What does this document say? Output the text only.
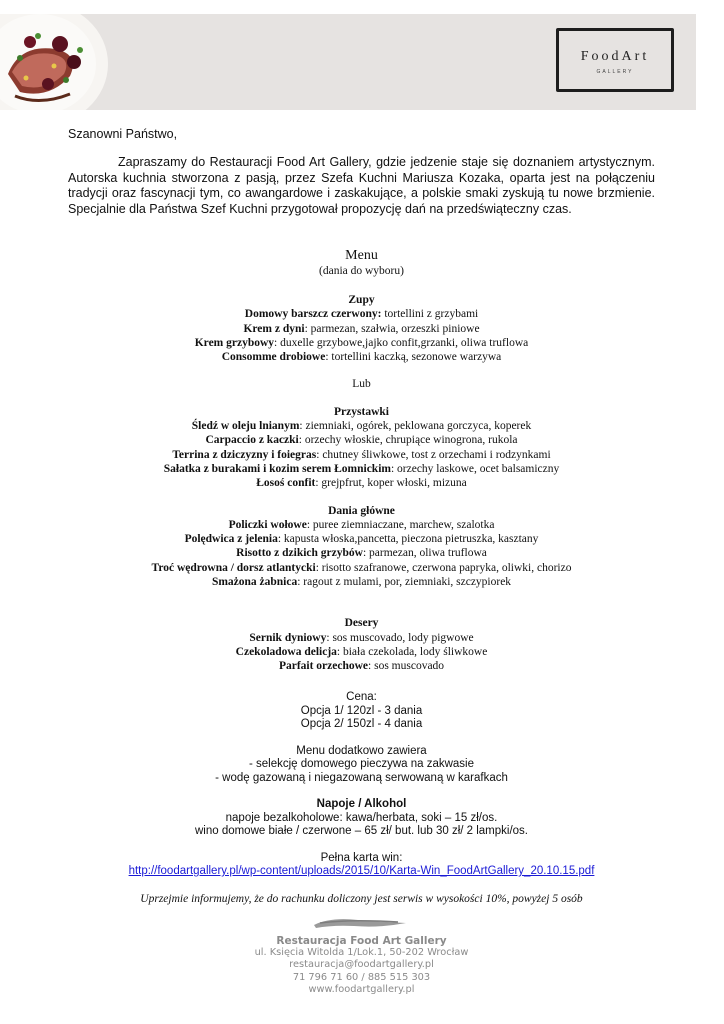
FoodArt
GALLERY
Szanowni Państwo,
Zapraszamy do Restauracji Food Art Gallery, gdzie jedzenie staje się doznaniem artystycznym. Autorska kuchnia stworzona z pasją, przez Szefa Kuchni Mariusza Kozaka, oparta jest na połączeniu tradycji oraz fascynacji tym, co awangardowe i zaskakujące, a polskie smaki zyskują tu nowe brzmienie. Specjalnie dla Państwa Szef Kuchni przygotował propozycję dań na przedświąteczny czas.
Menu
(dania do wyboru)
Zupy
Domowy barszcz czerwony: tortellini z grzybami
Krem z dyni: parmezan, szałwia, orzeszki piniowe
Krem grzybowy: duxelle grzybowe,jajko confit,grzanki, oliwa truflowa
Consomme drobiowe: tortellini kaczką, sezonowe warzywa
Lub
Przystawki
Śledź w oleju lnianym: ziemniaki, ogórek, peklowana gorczyca, koperek
Carpaccio z kaczki: orzechy włoskie, chrupiące winogrona, rukola
Terrina z dziczyzny i foiegras: chutney śliwkowe, tost z orzechami i rodzynkami
Sałatka z burakami i kozim serem Łomnickim: orzechy laskowe, ocet balsamiczny
Łosoś confit: grejpfrut, koper włoski, mizuna
Dania główne
Policzki wołowe: puree ziemniaczane, marchew, szalotka
Polędwica z jelenia: kapusta włoska,pancetta, pieczona pietruszka, kasztany
Risotto z dzikich grzybów: parmezan, oliwa truflowa
Troć wędrowna / dorsz atlantycki: risotto szafranowe, czerwona papryka, oliwki, chorizo
Smażona żabnica: ragout z mulami, por, ziemniaki, szczypiorek
Desery
Sernik dyniowy: sos muscovado, lody pigwowe
Czekoladowa delicja: biała czekolada, lody śliwkowe
Parfait orzechowe: sos muscovado
Cena:
Opcja 1/ 120zl - 3 dania
Opcja 2/ 150zl - 4 dania
Menu dodatkowo zawiera
- selekcję domowego pieczywa na zakwasie
- wodę gazowaną i niegazowaną serwowaną w karafkach
Napoje / Alkohol
napoje bezalkoholowe: kawa/herbata, soki – 15 zł/os.
wino domowe białe / czerwone – 65 zł/ but. lub 30 zł/ 2 lampki/os.
Pełna karta win:
http://foodartgallery.pl/wp-content/uploads/2015/10/Karta-Win_FoodArtGallery_20.10.15.pdf
Uprzejmie informujemy, że do rachunku doliczony jest serwis w wysokości 10%, powyżej 5 osób
Restauracja Food Art Gallery
ul. Księcia Witolda 1/Lok.1, 50-202 Wrocław
restauracja@foodartgallery.pl
71 796 71 60 / 885 515 303
www.foodartgallery.pl
